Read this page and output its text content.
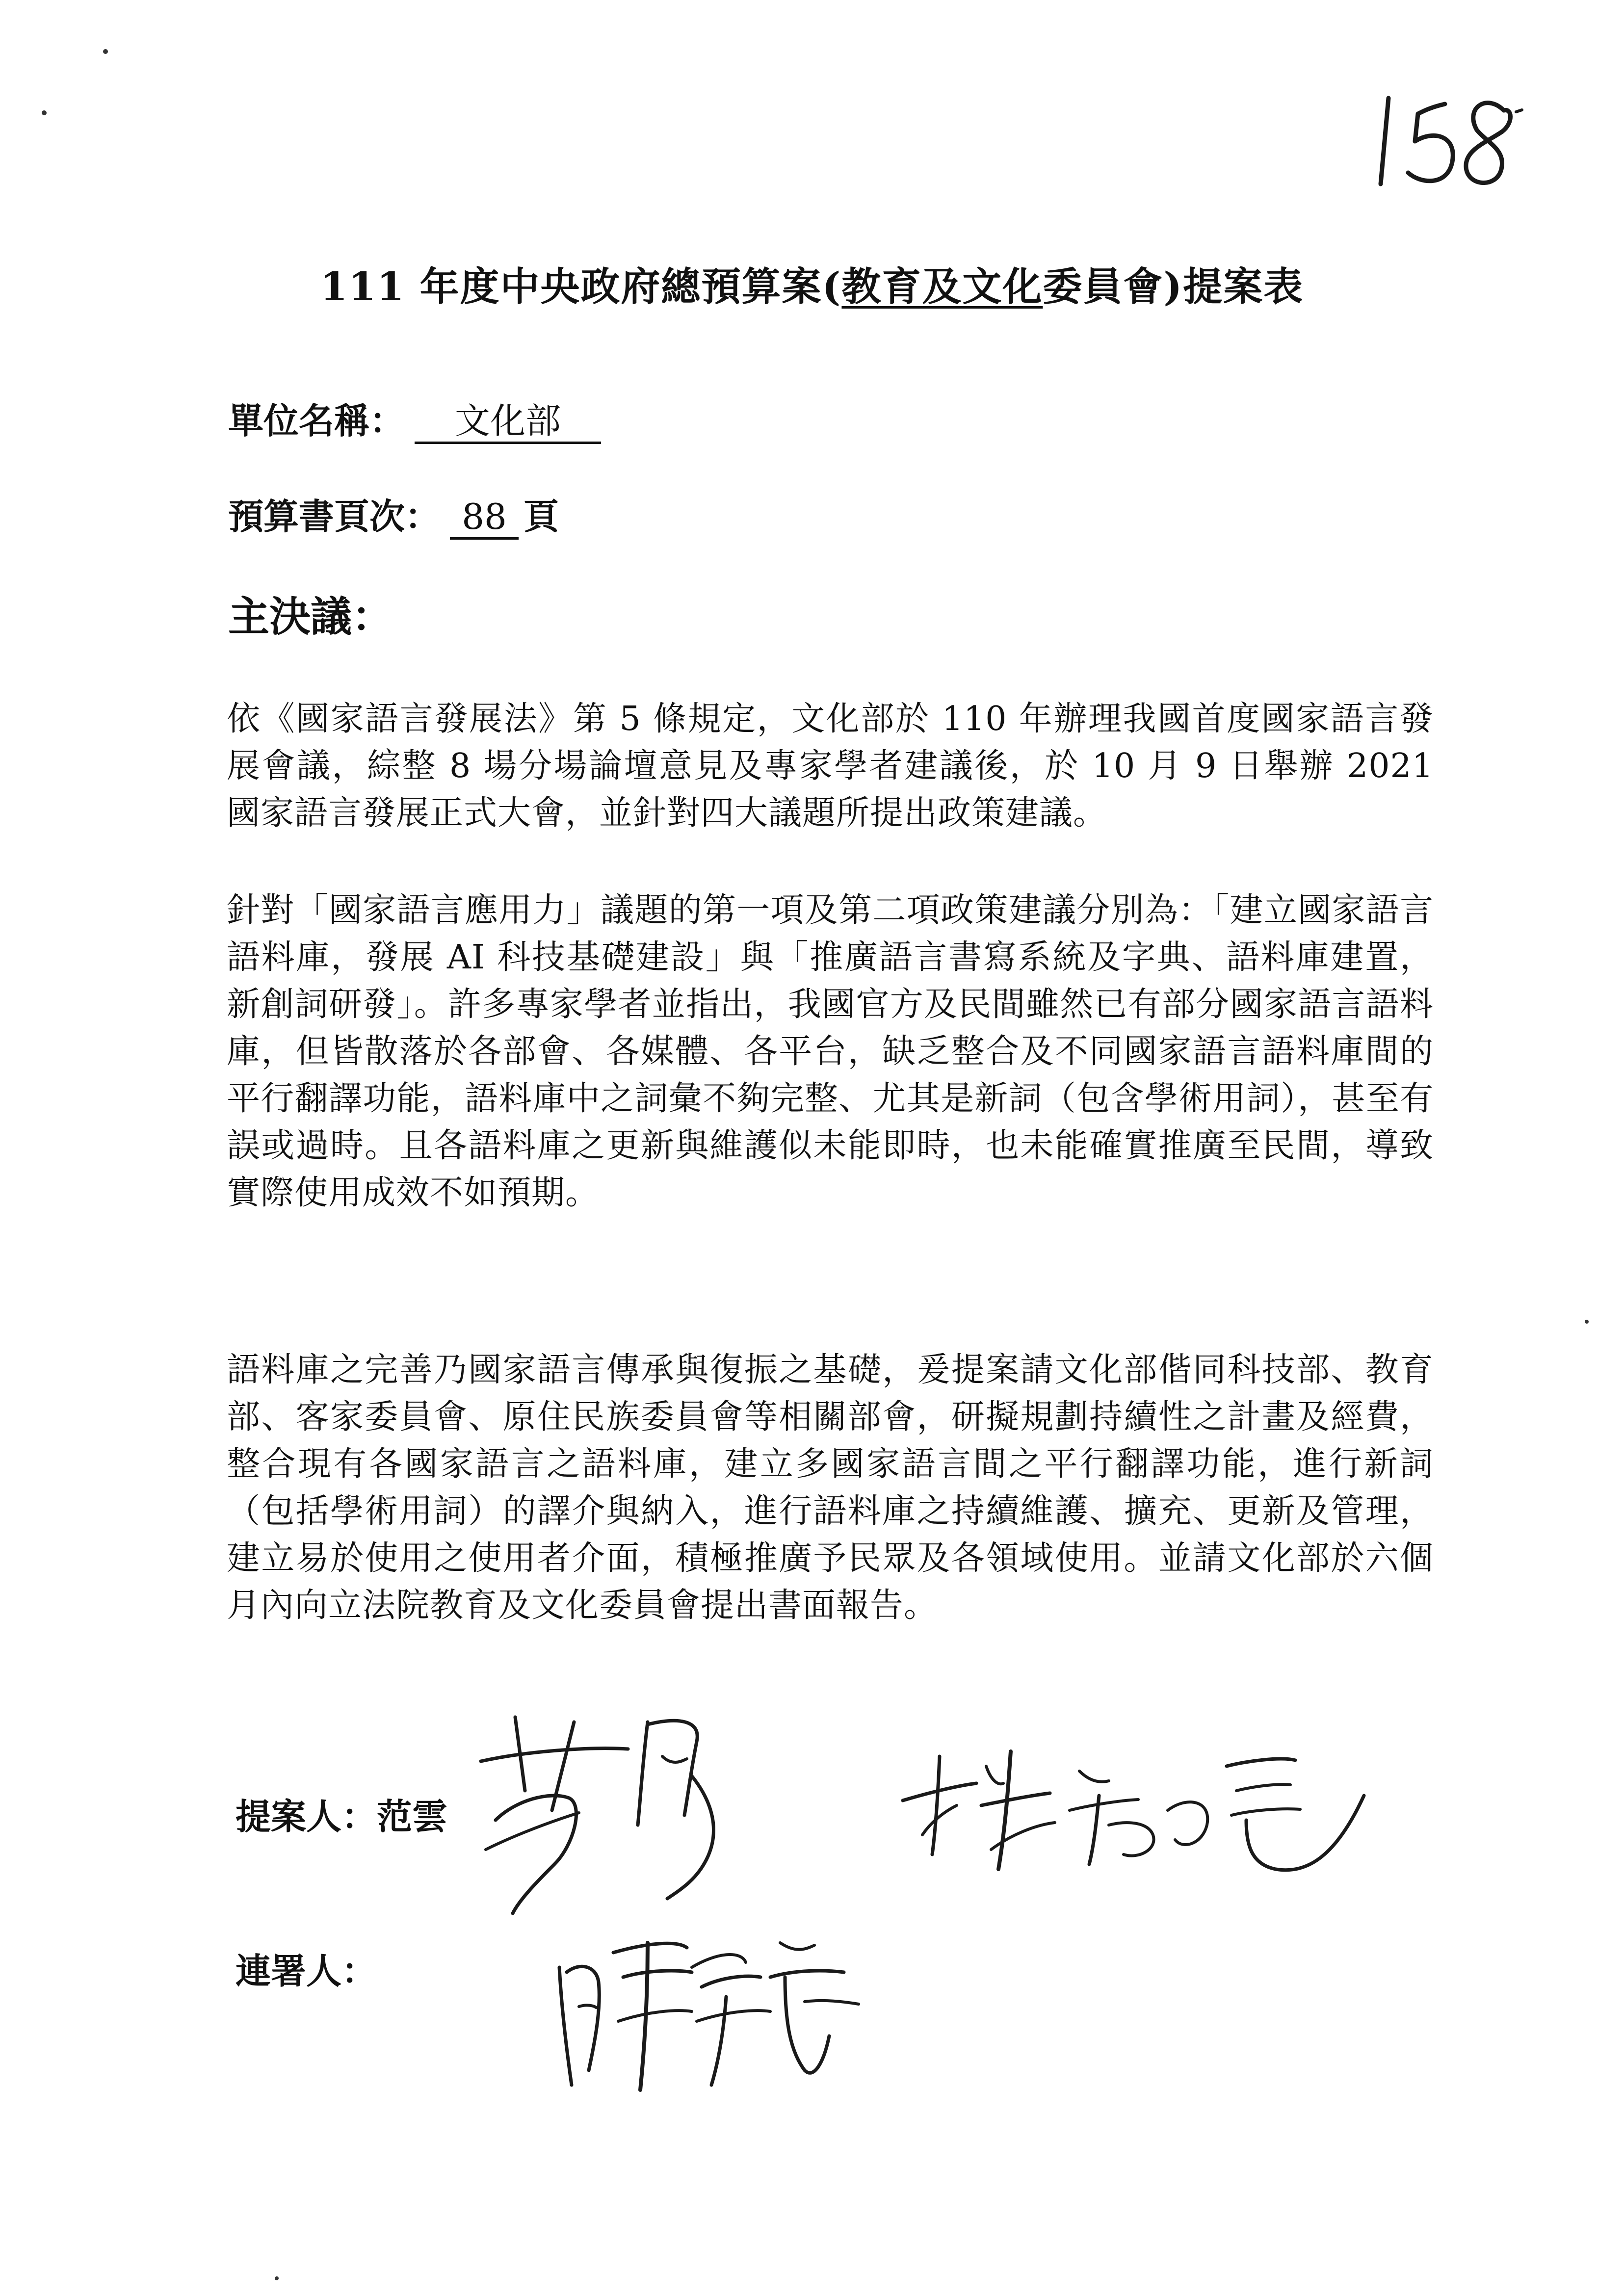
111 年度中央政府總預算案(教育及文化委員會)提案表
單位名稱： 文化部
預算書頁次： 88 頁
主決議：

依《國家語言發展法》第 5 條規定，文化部於 110 年辦理我國首度國家語言發展會議，綜整 8 場分場論壇意見及專家學者建議後，於 10 月 9 日舉辦 2021 國家語言發展正式大會，並針對四大議題所提出政策建議。

針對「國家語言應用力」議題的第一項及第二項政策建議分別為：「建立國家語言語料庫，發展 AI 科技基礎建設」與「推廣語言書寫系統及字典、語料庫建置，新創詞研發」。許多專家學者並指出，我國官方及民間雖然已有部分國家語言語料庫，但皆散落於各部會、各媒體、各平台，缺乏整合及不同國家語言語料庫間的平行翻譯功能，語料庫中之詞彙不夠完整、尤其是新詞（包含學術用詞），甚至有誤或過時。且各語料庫之更新與維護似未能即時，也未能確實推廣至民間，導致實際使用成效不如預期。

語料庫之完善乃國家語言傳承與復振之基礎，爰提案請文化部偕同科技部、教育部、客家委員會、原住民族委員會等相關部會，研擬規劃持續性之計畫及經費，整合現有各國家語言之語料庫，建立多國家語言間之平行翻譯功能，進行新詞（包括學術用詞）的譯介與納入，進行語料庫之持續維護、擴充、更新及管理，建立易於使用之使用者介面，積極推廣予民眾及各領域使用。並請文化部於六個月內向立法院教育及文化委員會提出書面報告。

提案人：范雲
連署人：
